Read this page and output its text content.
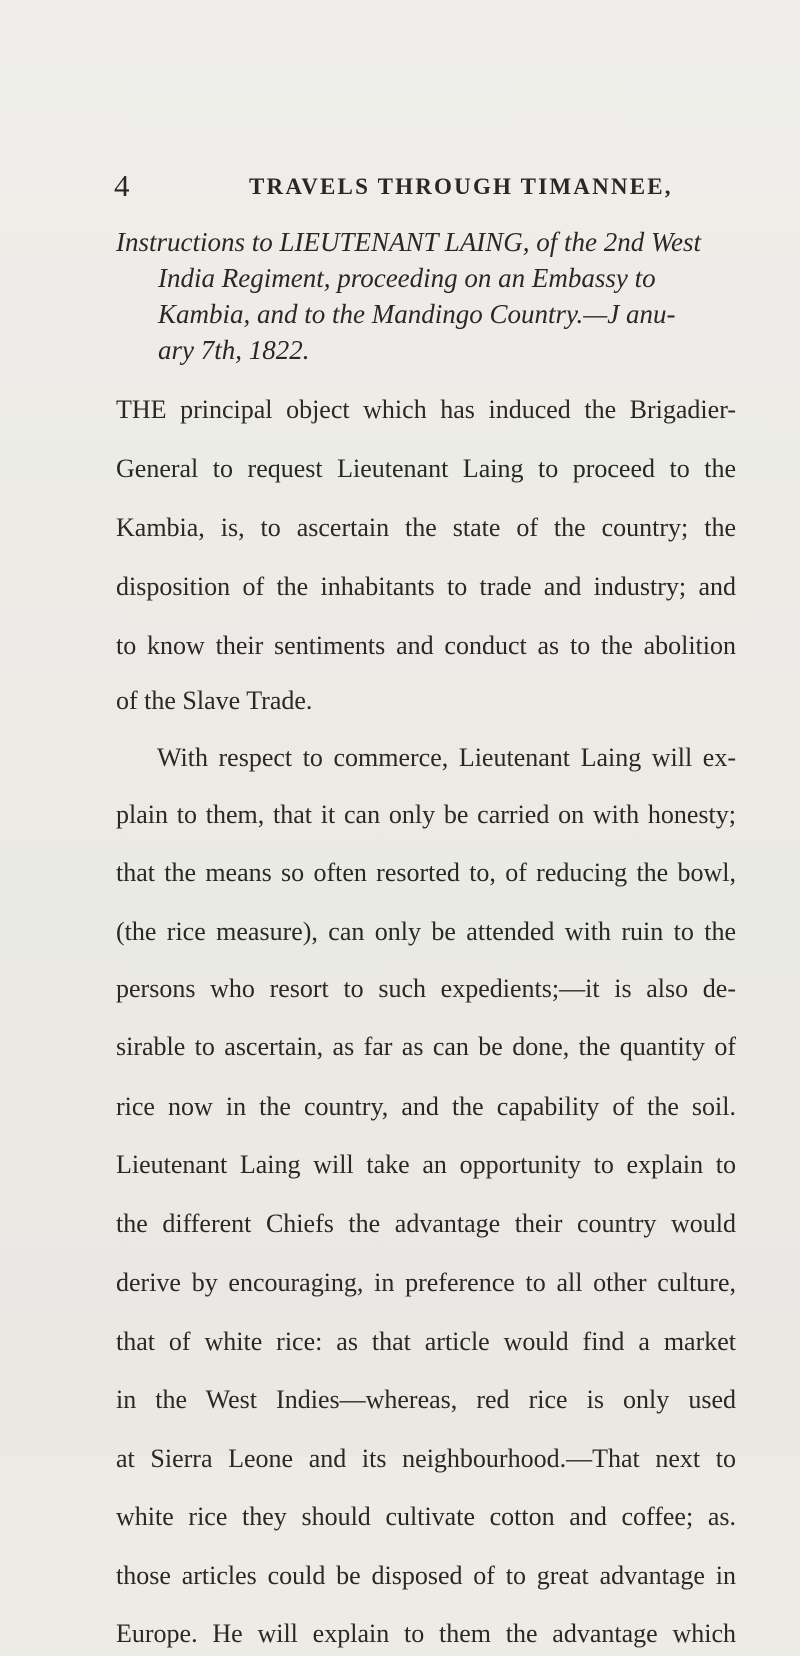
4	TRAVELS THROUGH TIMANNEE,
Instructions to LIEUTENANT LAING, of the 2nd West
India Regiment, proceeding on an Embassy to
Kambia, and to the Mandingo Country.—J anu-
ary 7th, 1822.
THE principal object which has induced the Brigadier-
General to request Lieutenant Laing to proceed to the
Kambia, is, to ascertain the state of the country; the
disposition of the inhabitants to trade and industry; and
to know their sentiments and conduct as to the abolition
of the Slave Trade.
With respect to commerce, Lieutenant Laing will ex-
plain to them, that it can only be carried on with honesty;
that the means so often resorted to, of reducing the bowl,
(the rice measure), can only be attended with ruin to the
persons who resort to such expedients;—it is also de-
sirable to ascertain, as far as can be done, the quantity of
rice now in the country, and the capability of the soil.
Lieutenant Laing will take an opportunity to explain to
the different Chiefs the advantage their country would
derive by encouraging, in preference to all other culture,
that of white rice: as that article would find a market
in the West Indies—whereas, red rice is only used
at Sierra Leone and its neighbourhood.—That next to
white rice they should cultivate cotton and coffee; as.
those articles could be disposed of to great advantage in
Europe. He will explain to them the advantage which
